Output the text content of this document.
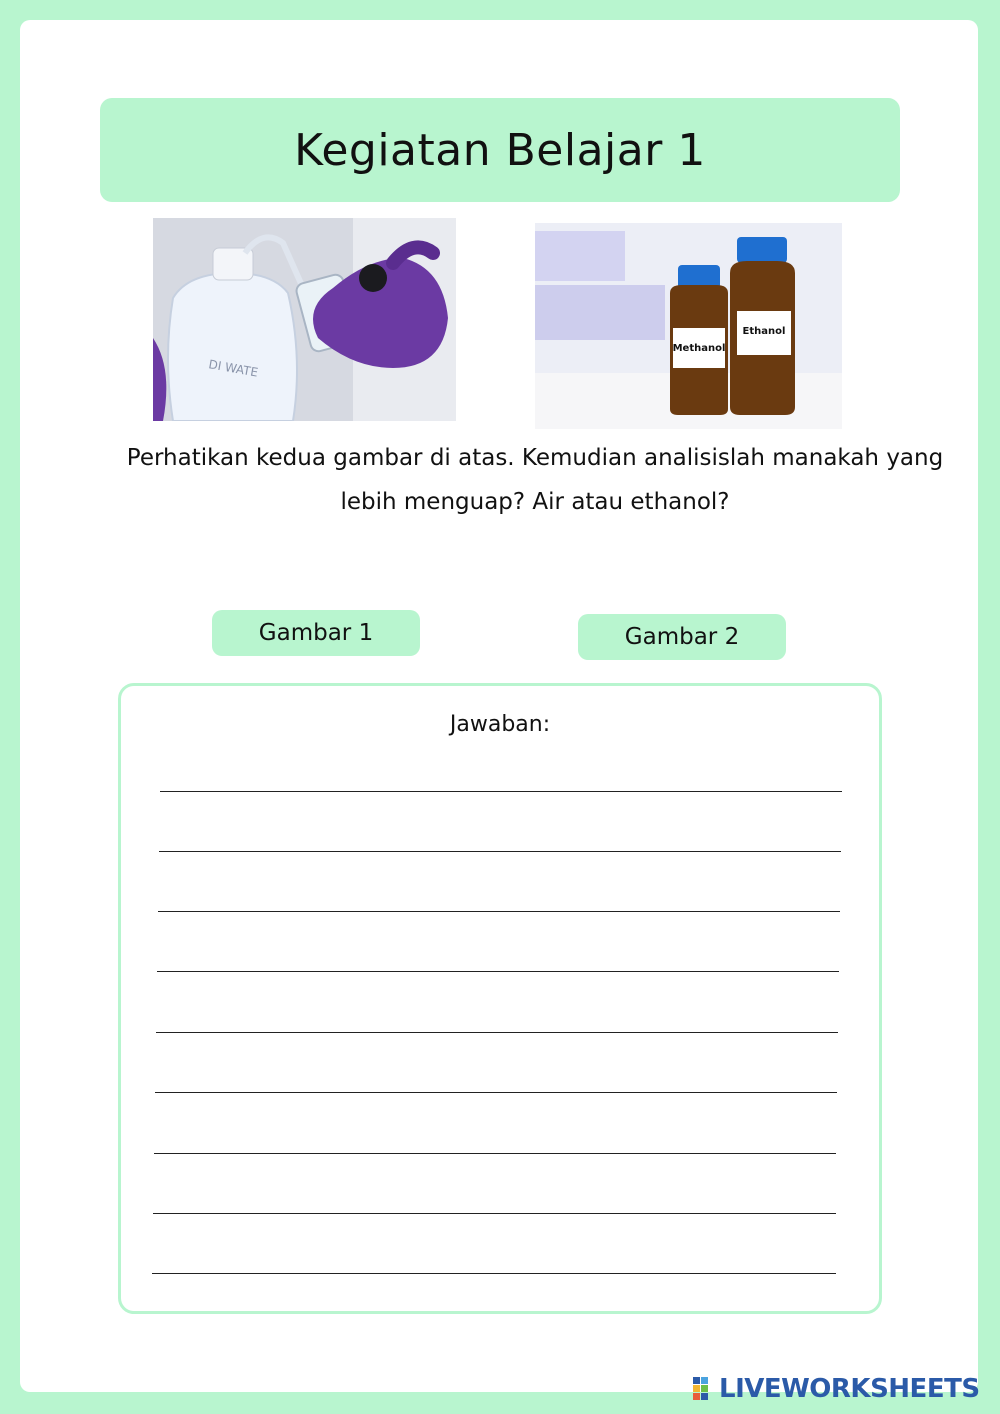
Kegiatan Belajar 1
DI WATE
Methanol
Ethanol
Perhatikan kedua gambar di atas. Kemudian analisislah manakah yang lebih menguap? Air atau ethanol?
Gambar 1	Gambar 2
Jawaban:
LIVEWORKSHEETS
